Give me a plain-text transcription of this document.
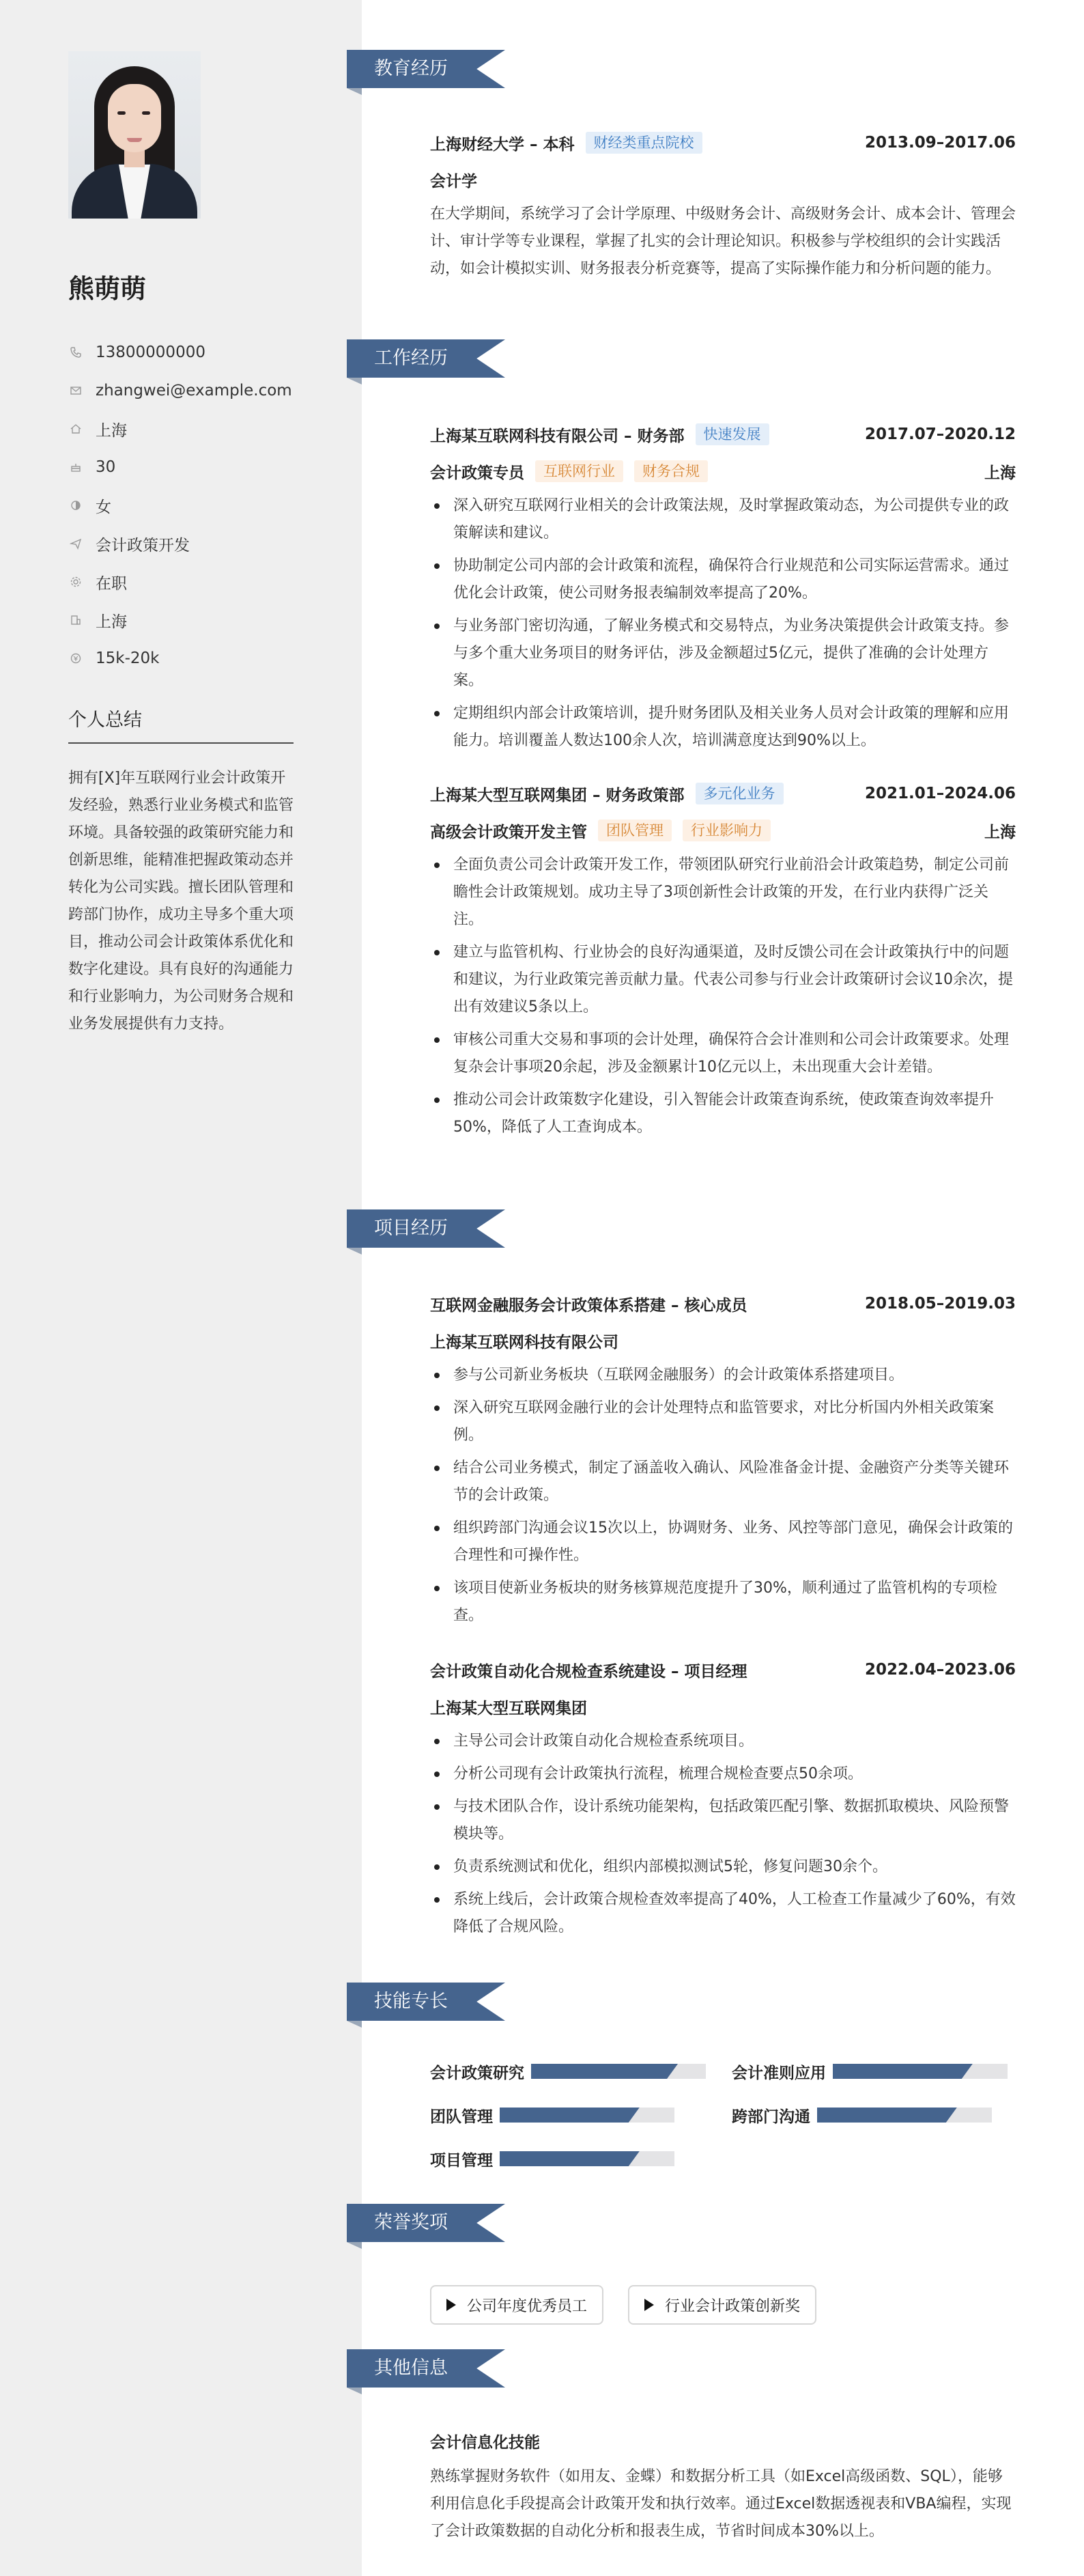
熊萌萌
13800000000
zhangwei@example.com
上海
30
女
会计政策开发
在职
上海
15k-20k
个人总结
拥有[X]年互联网行业会计政策开发经验，熟悉行业业务模式和监管环境。具备较强的政策研究能力和创新思维，能精准把握政策动态并转化为公司实践。擅长团队管理和跨部门协作，成功主导多个重大项目，推动公司会计政策体系优化和数字化建设。具有良好的沟通能力和行业影响力，为公司财务合规和业务发展提供有力支持。
教育经历
上海财经大学 – 本科	财经类重点院校	2013.09–2017.06
会计学
在大学期间，系统学习了会计学原理、中级财务会计、高级财务会计、成本会计、管理会计、审计学等专业课程，掌握了扎实的会计理论知识。积极参与学校组织的会计实践活动，如会计模拟实训、财务报表分析竞赛等，提高了实际操作能力和分析问题的能力。
工作经历
上海某互联网科技有限公司 – 财务部	快速发展	2017.07–2020.12
会计政策专员	互联网行业	财务合规	上海
深入研究互联网行业相关的会计政策法规，及时掌握政策动态，为公司提供专业的政策解读和建议。
协助制定公司内部的会计政策和流程，确保符合行业规范和公司实际运营需求。通过优化会计政策，使公司财务报表编制效率提高了20%。
与业务部门密切沟通，了解业务模式和交易特点，为业务决策提供会计政策支持。参与多个重大业务项目的财务评估，涉及金额超过5亿元，提供了准确的会计处理方案。
定期组织内部会计政策培训，提升财务团队及相关业务人员对会计政策的理解和应用能力。培训覆盖人数达100余人次，培训满意度达到90%以上。
上海某大型互联网集团 – 财务政策部	多元化业务	2021.01–2024.06
高级会计政策开发主管	团队管理	行业影响力	上海
全面负责公司会计政策开发工作，带领团队研究行业前沿会计政策趋势，制定公司前瞻性会计政策规划。成功主导了3项创新性会计政策的开发，在行业内获得广泛关注。
建立与监管机构、行业协会的良好沟通渠道，及时反馈公司在会计政策执行中的问题和建议，为行业政策完善贡献力量。代表公司参与行业会计政策研讨会议10余次，提出有效建议5条以上。
审核公司重大交易和事项的会计处理，确保符合会计准则和公司会计政策要求。处理复杂会计事项20余起，涉及金额累计10亿元以上，未出现重大会计差错。
推动公司会计政策数字化建设，引入智能会计政策查询系统，使政策查询效率提升50%，降低了人工查询成本。
项目经历
互联网金融服务会计政策体系搭建 – 核心成员	2018.05–2019.03
上海某互联网科技有限公司
参与公司新业务板块（互联网金融服务）的会计政策体系搭建项目。
深入研究互联网金融行业的会计处理特点和监管要求，对比分析国内外相关政策案例。
结合公司业务模式，制定了涵盖收入确认、风险准备金计提、金融资产分类等关键环节的会计政策。
组织跨部门沟通会议15次以上，协调财务、业务、风控等部门意见，确保会计政策的合理性和可操作性。
该项目使新业务板块的财务核算规范度提升了30%，顺利通过了监管机构的专项检查。
会计政策自动化合规检查系统建设 – 项目经理	2022.04–2023.06
上海某大型互联网集团
主导公司会计政策自动化合规检查系统项目。
分析公司现有会计政策执行流程，梳理合规检查要点50余项。
与技术团队合作，设计系统功能架构，包括政策匹配引擎、数据抓取模块、风险预警模块等。
负责系统测试和优化，组织内部模拟测试5轮，修复问题30余个。
系统上线后，会计政策合规检查效率提高了40%，人工检查工作量减少了60%，有效降低了合规风险。
技能专长
会计政策研究	会计准则应用
团队管理	跨部门沟通
项目管理
荣誉奖项
公司年度优秀员工	行业会计政策创新奖
其他信息
会计信息化技能
熟练掌握财务软件（如用友、金蝶）和数据分析工具（如Excel高级函数、SQL），能够利用信息化手段提高会计政策开发和执行效率。通过Excel数据透视表和VBA编程，实现了会计政策数据的自动化分析和报表生成，节省时间成本30%以上。
